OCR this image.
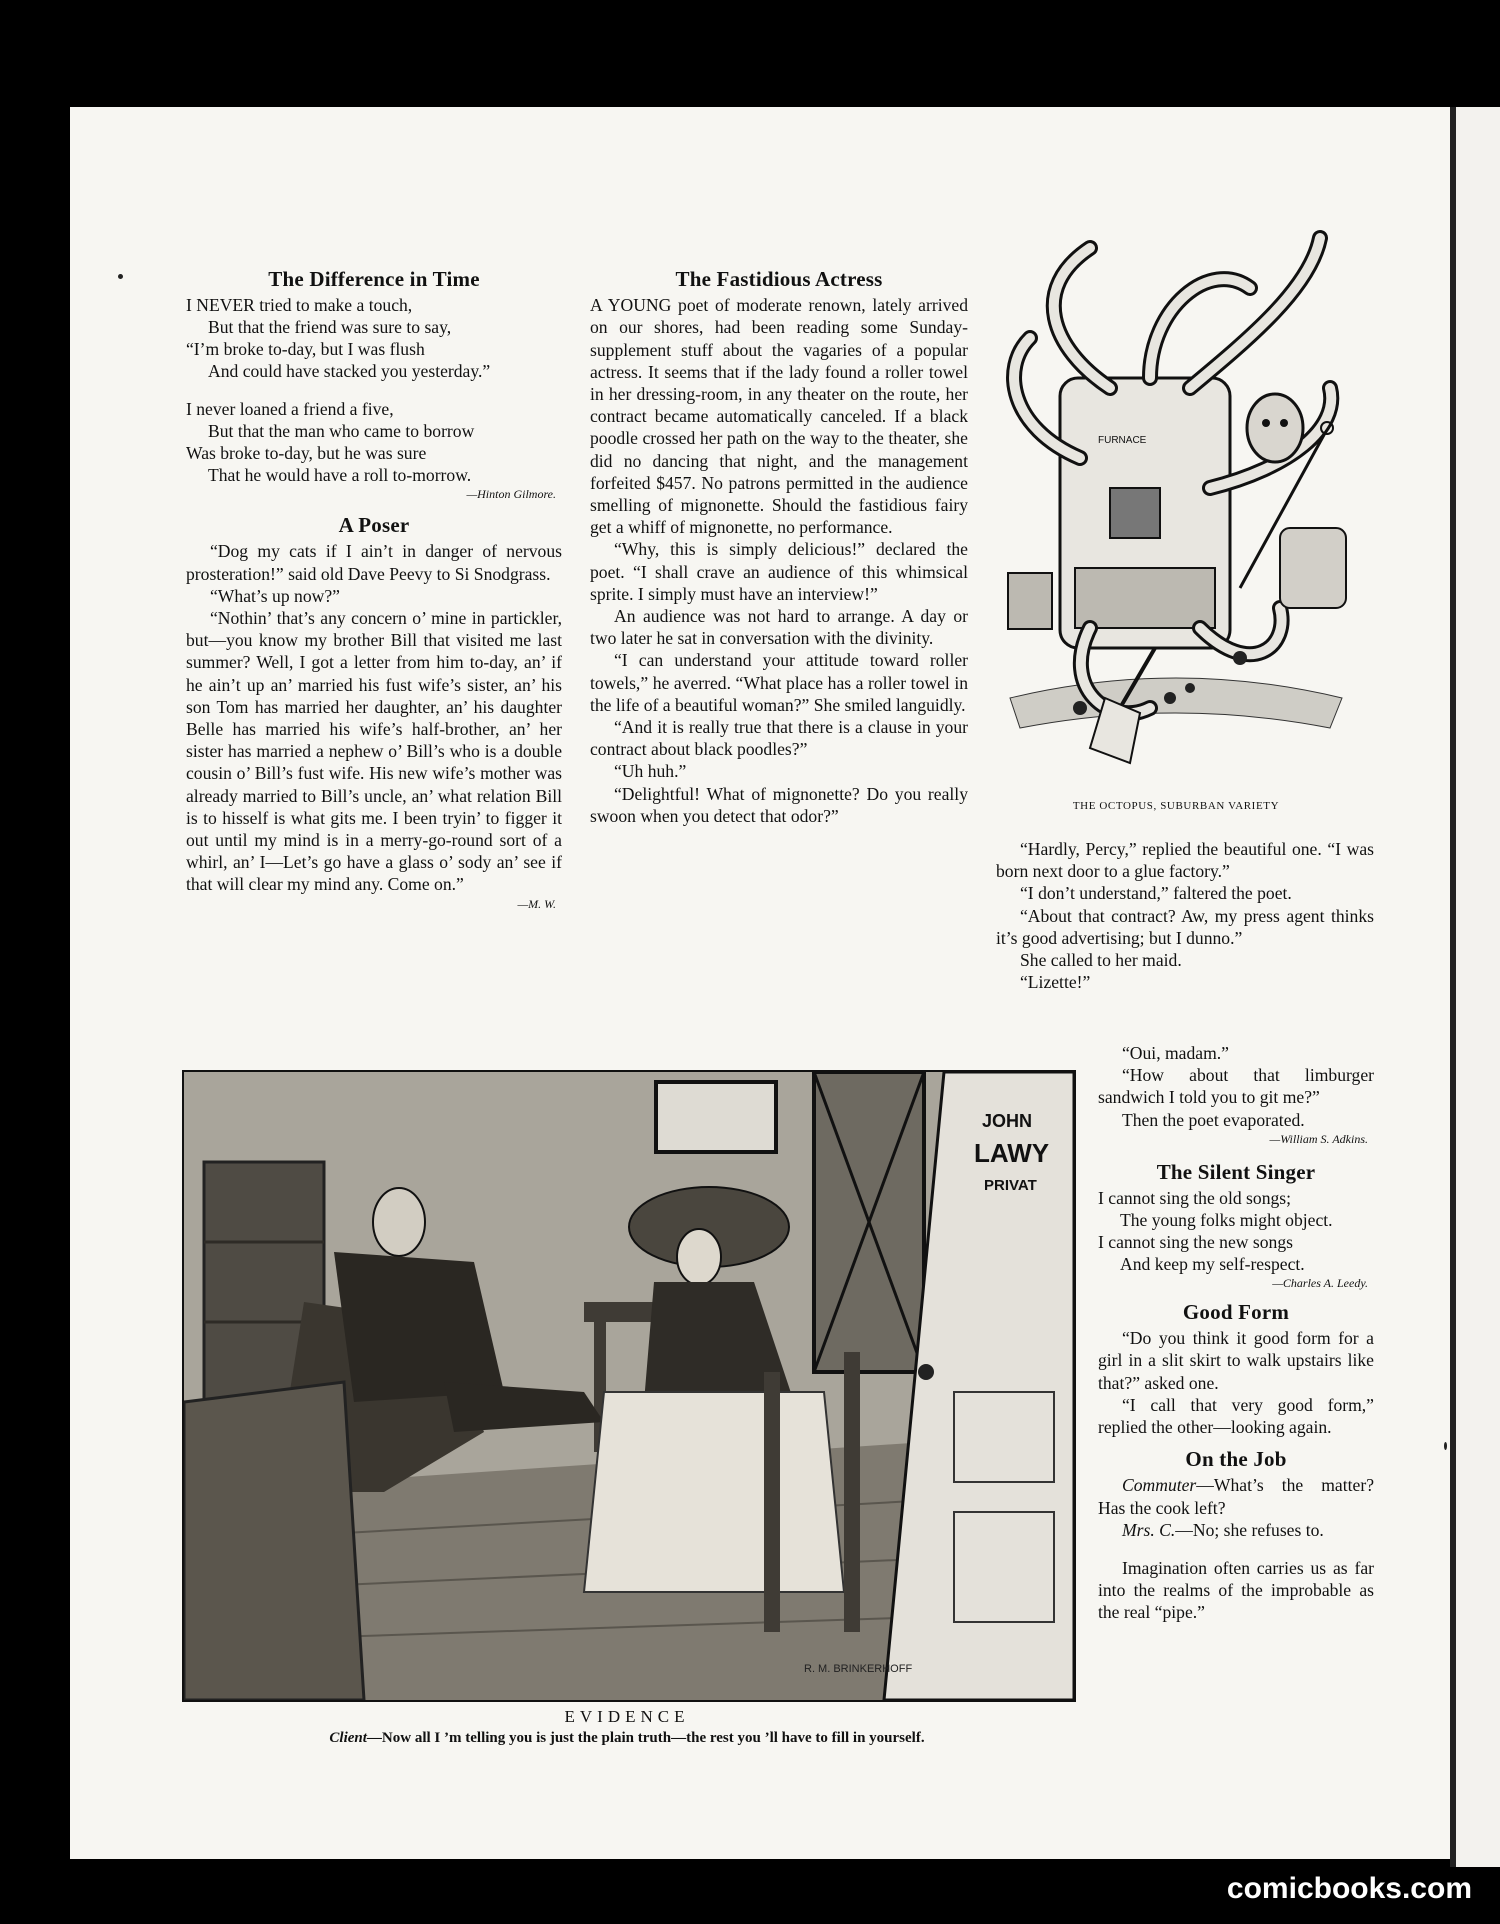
The Difference in Time
I NEVER tried to make a touch,
But that the friend was sure to say,
“I’m broke to-day, but I was flush
And could have stacked you yesterday.”
I never loaned a friend a five,
But that the man who came to borrow
Was broke to-day, but he was sure
That he would have a roll to-morrow.
—Hinton Gilmore.
A Poser

“Dog my cats if I ain’t in danger of nervous prosteration!” said old Dave Peevy to Si Snodgrass.

“What’s up now?”

“Nothin’ that’s any concern o’ mine in partickler, but—you know my brother Bill that visited me last summer? Well, I got a letter from him to-day, an’ if he ain’t up an’ married his fust wife’s sister, an’ his son Tom has married her daughter, an’ his daughter Belle has married his wife’s half-brother, an’ her sister has married a nephew o’ Bill’s who is a double cousin o’ Bill’s fust wife. His new wife’s mother was already married to Bill’s uncle, an’ what relation Bill is to hisself is what gits me. I been tryin’ to figger it out until my mind is in a merry-go-round sort of a whirl, an’ I—Let’s go have a glass o’ sody an’ see if that will clear my mind any. Come on.”

—M. W.
The Fastidious Actress

A YOUNG poet of moderate renown, lately arrived on our shores, had been reading some Sunday-supplement stuff about the vagaries of a popular actress. It seems that if the lady found a roller towel in her dressing-room, in any theater on the route, her contract became automatically canceled. If a black poodle crossed her path on the way to the theater, she did no dancing that night, and the management forfeited $457. No patrons permitted in the audience smelling of mignonette. Should the fastidious fairy get a whiff of mignonette, no performance.

“Why, this is simply delicious!” declared the poet. “I shall crave an audience of this whimsical sprite. I simply must have an interview!”

An audience was not hard to arrange. A day or two later he sat in conversation with the divinity.

“I can understand your attitude toward roller towels,” he averred. “What place has a roller towel in the life of a beautiful woman?” She smiled languidly.

“And it is really true that there is a clause in your contract about black poodles?”

“Uh huh.”

“Delightful! What of mignonette? Do you really swoon when you detect that odor?”

FURNACE
THE OCTOPUS, SUBURBAN VARIETY

“Hardly, Percy,” replied the beautiful one. “I was born next door to a glue factory.”

“I don’t understand,” faltered the poet.

“About that contract? Aw, my press agent thinks it’s good advertising; but I dunno.”

She called to her maid.

“Lizette!”

JOHN
LAWY
PRIVAT
R. M. BRINKERHOFF
EVIDENCE
Client—Now all I ’m telling you is just the plain truth—the rest you ’ll have to fill in yourself.

“Oui, madam.”

“How about that limburger sandwich I told you to git me?”

Then the poet evaporated.

—William S. Adkins.
The Silent Singer
I cannot sing the old songs;
The young folks might object.
I cannot sing the new songs
And keep my self-respect.
—Charles A. Leedy.
Good Form

“Do you think it good form for a girl in a slit skirt to walk upstairs like that?” asked one.

“I call that very good form,” replied the other—looking again.

On the Job

Commuter—What’s the matter? Has the cook left?

Mrs. C.—No; she refuses to.

Imagination often carries us as far into the realms of the improbable as the real “pipe.”

comicbooks.com
